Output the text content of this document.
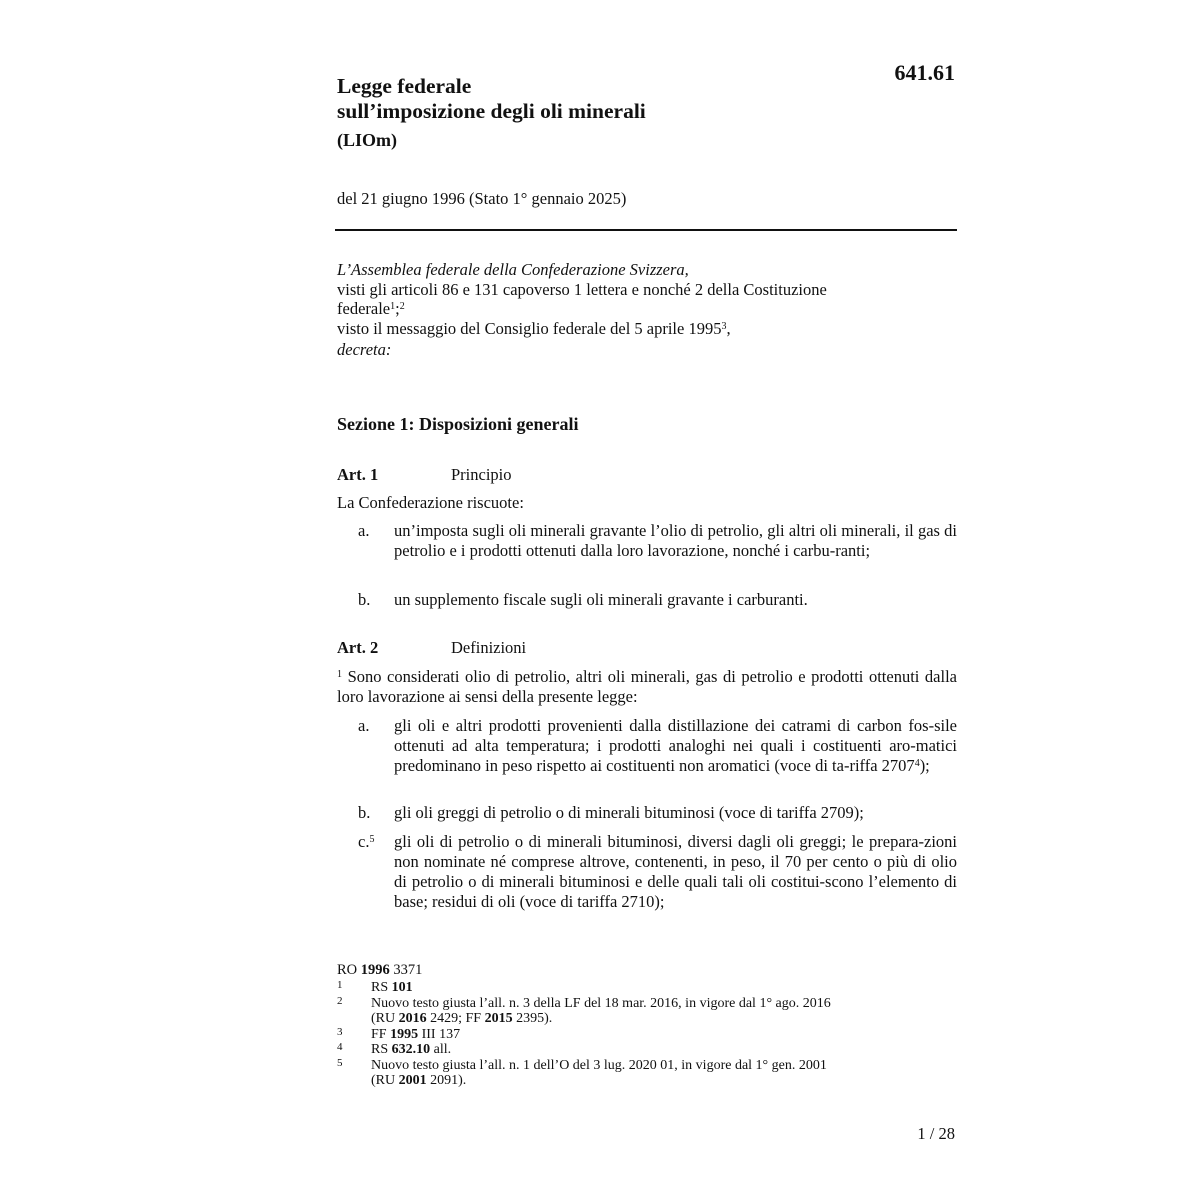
641.61
Legge federale
sull’imposizione degli oli minerali
(LIOm)
del 21 giugno 1996 (Stato 1° gennaio 2025)
L’Assemblea federale della Confederazione Svizzera,
visti gli articoli 86 e 131 capoverso 1 lettera e nonché 2 della Costituzione federale$^1$;$^2$
visto il messaggio del Consiglio federale del 5 aprile 1995$^3$,
decreta:
Sezione 1: Disposizioni generali
Art. 1	Principio
La Confederazione riscuote:
a. un’imposta sugli oli minerali gravante l’olio di petrolio, gli altri oli minerali, il gas di petrolio e i prodotti ottenuti dalla loro lavorazione, nonché i carbu-ranti;
b. un supplemento fiscale sugli oli minerali gravante i carburanti.
Art. 2	Definizioni
$^1$ Sono considerati olio di petrolio, altri oli minerali, gas di petrolio e prodotti ottenuti dalla loro lavorazione ai sensi della presente legge:
a. gli oli e altri prodotti provenienti dalla distillazione dei catrami di carbon fos-sile ottenuti ad alta temperatura; i prodotti analoghi nei quali i costituenti aro-matici predominano in peso rispetto ai costituenti non aromatici (voce di ta-riffa 2707$^4$);
b. gli oli greggi di petrolio o di minerali bituminosi (voce di tariffa 2709);
c.$^5$ gli oli di petrolio o di minerali bituminosi, diversi dagli oli greggi; le prepara-zioni non nominate né comprese altrove, contenenti, in peso, il 70 per cento o più di olio di petrolio o di minerali bituminosi e delle quali tali oli costitui-scono l’elemento di base; residui di oli (voce di tariffa 2710);
RO 1996 3371
1 RS 101
2 Nuovo testo giusta l’all. n. 3 della LF del 18 mar. 2016, in vigore dal 1° ago. 2016
(RU 2016 2429; FF 2015 2395).
3 FF 1995 III 137
4 RS 632.10 all.
5 Nuovo testo giusta l’all. n. 1 dell’O del 3 lug. 2020 01, in vigore dal 1° gen. 2001
(RU 2001 2091).
1 / 28
